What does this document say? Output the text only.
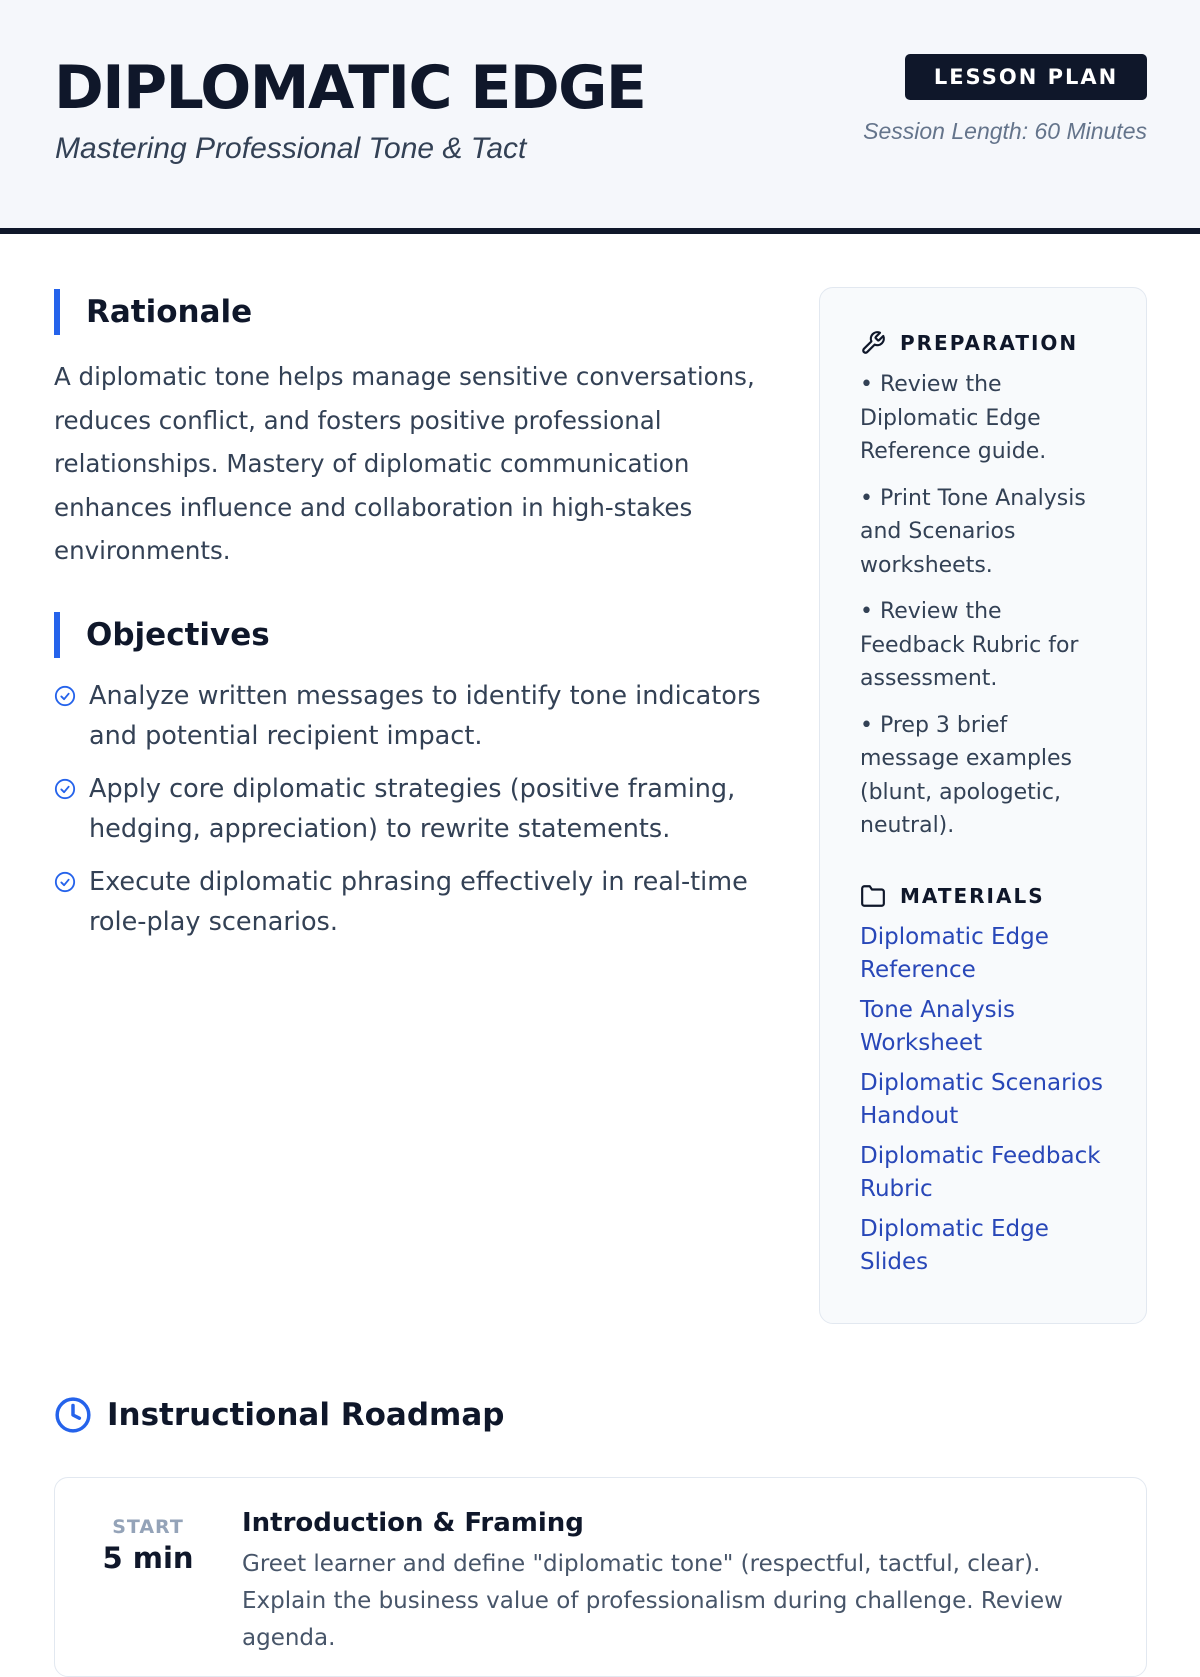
DIPLOMATIC EDGE
Mastering Professional Tone & Tact
LESSON PLAN
Session Length: 60 Minutes
Rationale

A diplomatic tone helps manage sensitive conversations, reduces conflict, and fosters positive professional relationships. Mastery of diplomatic communication enhances influence and collaboration in high-stakes environments.

Objectives
Analyze written messages to identify tone indicators and potential recipient impact.
Apply core diplomatic strategies (positive framing, hedging, appreciation) to rewrite statements.
Execute diplomatic phrasing effectively in real-time role-play scenarios.
PREPARATION
• Review the Diplomatic Edge Reference guide.
• Print Tone Analysis and Scenarios worksheets.
• Review the Feedback Rubric for assessment.
• Prep 3 brief message examples (blunt, apologetic, neutral).
MATERIALS
Diplomatic Edge Reference
Tone Analysis Worksheet
Diplomatic Scenarios Handout
Diplomatic Feedback Rubric
Diplomatic Edge Slides
Instructional Roadmap
START
5 min
Introduction & Framing
Greet learner and define "diplomatic tone" (respectful, tactful, clear). Explain the business value of professionalism during challenge. Review agenda.
